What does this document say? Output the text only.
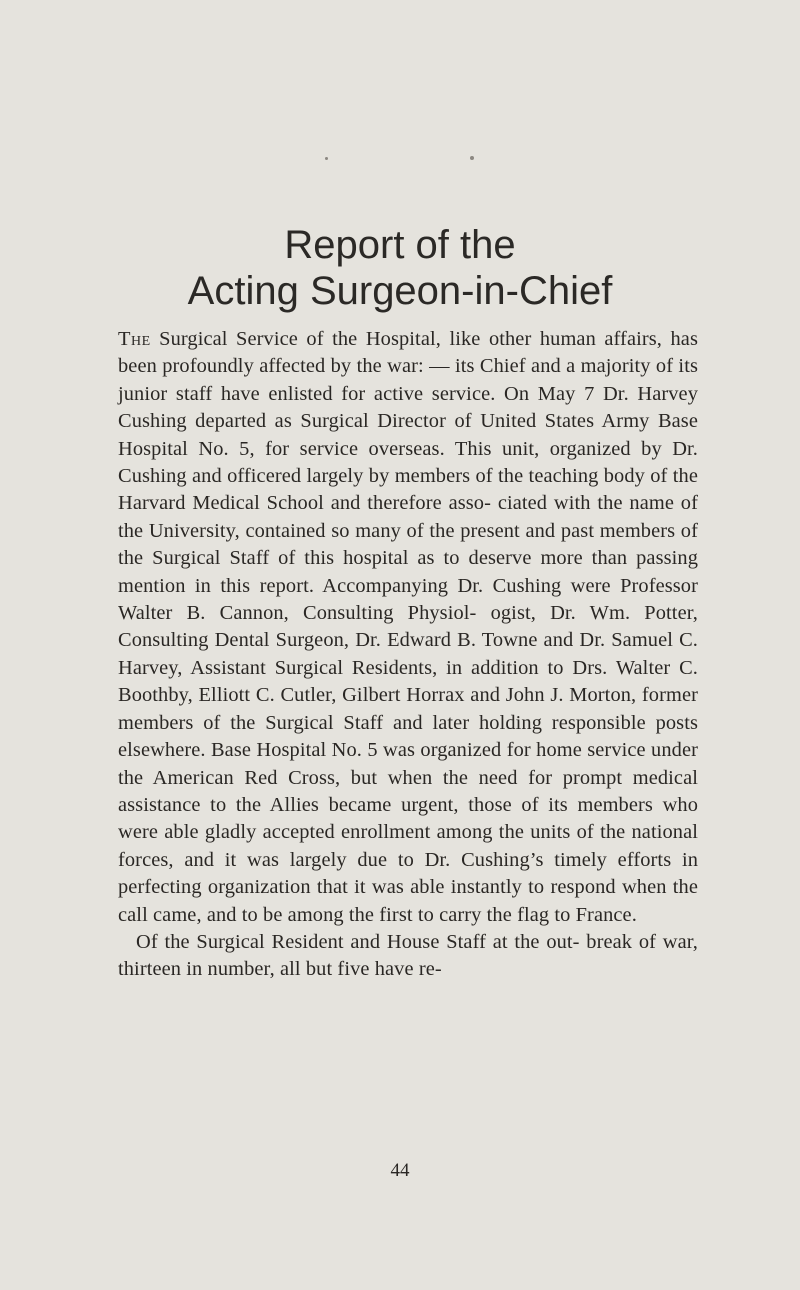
Report of the
Acting Surgeon-in-Chief

The Surgical Service of the Hospital, like other human affairs, has been profoundly affected by the war: — its Chief and a majority of its junior staff have enlisted for active service. On May 7 Dr. Harvey Cushing departed as Surgical Director of United States Army Base Hospital No. 5, for service overseas. This unit, organized by Dr. Cushing and officered largely by members of the teaching body of the Harvard Medical School and therefore asso- ciated with the name of the University, contained so many of the present and past members of the Surgical Staff of this hospital as to deserve more than passing mention in this report. Accompanying Dr. Cushing were Professor Walter B. Cannon, Consulting Physiol- ogist, Dr. Wm. Potter, Consulting Dental Surgeon, Dr. Edward B. Towne and Dr. Samuel C. Harvey, Assistant Surgical Residents, in addition to Drs. Walter C. Boothby, Elliott C. Cutler, Gilbert Horrax and John J. Morton, former members of the Surgical Staff and later holding responsible posts elsewhere. Base Hospital No. 5 was organized for home service under the American Red Cross, but when the need for prompt medical assistance to the Allies became urgent, those of its members who were able gladly accepted enrollment among the units of the national forces, and it was largely due to Dr. Cushing’s timely efforts in perfecting organization that it was able instantly to respond when the call came, and to be among the first to carry the flag to France.

Of the Surgical Resident and House Staff at the out- break of war, thirteen in number, all but five have re-

44
